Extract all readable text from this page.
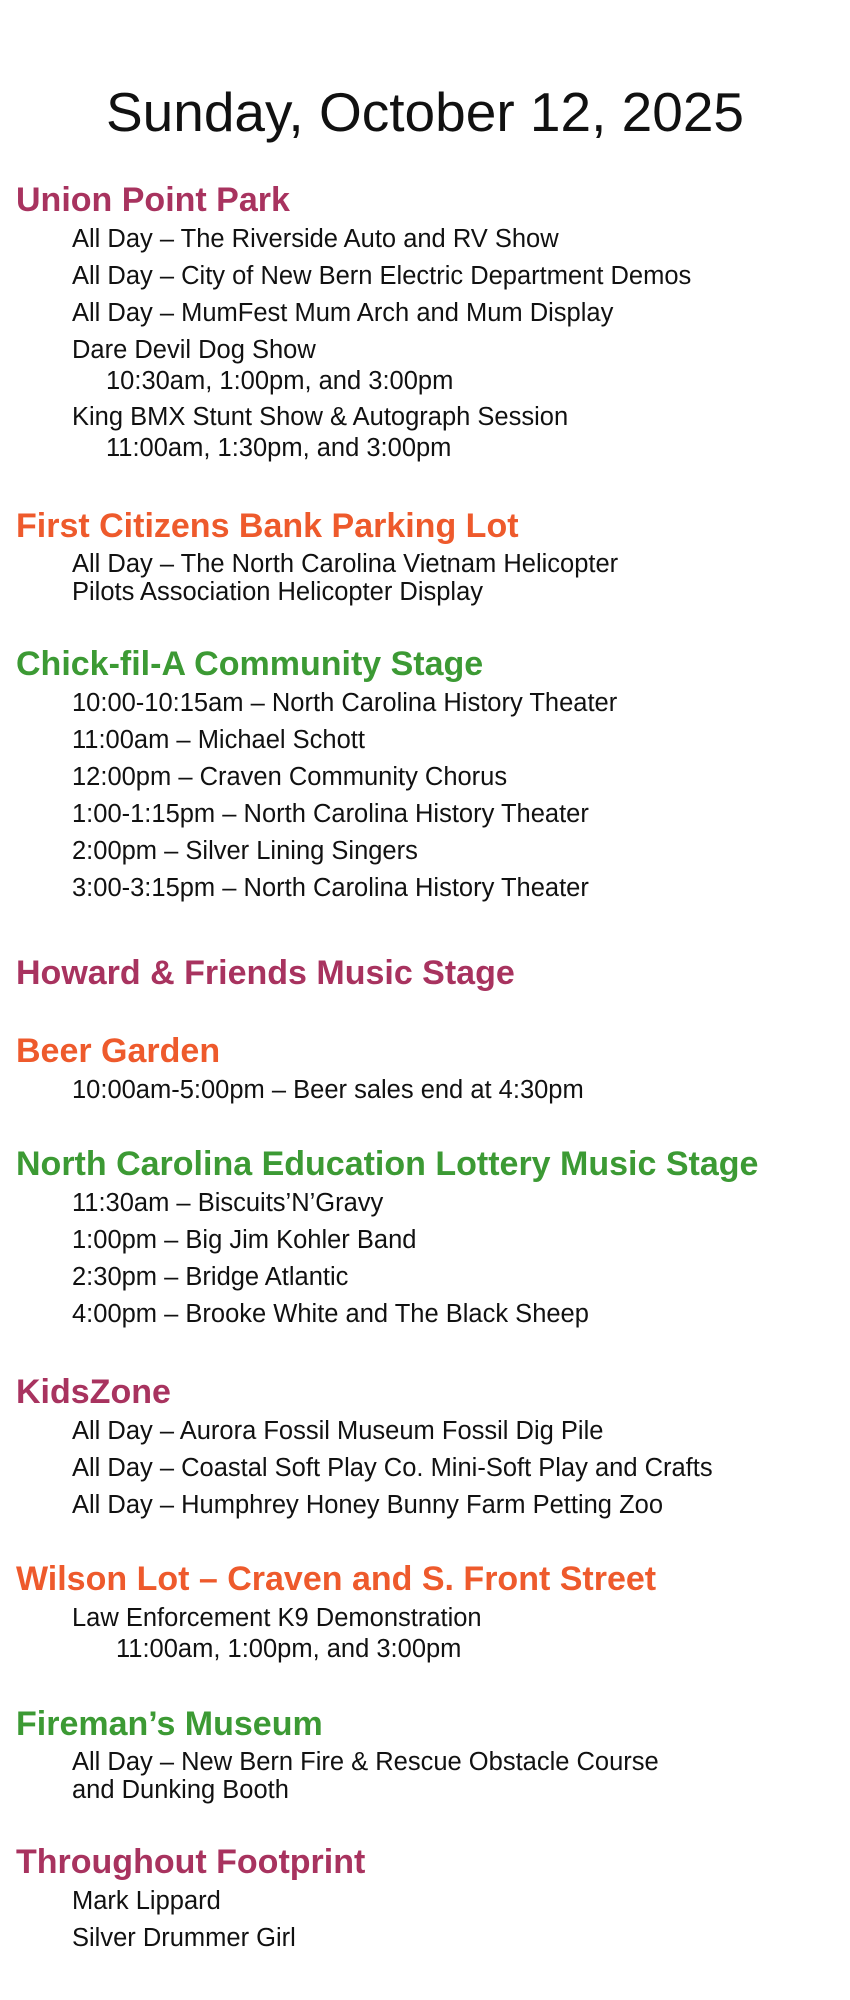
Sunday, October 12, 2025
Union Point Park
All Day – The Riverside Auto and RV Show
All Day – City of New Bern Electric Department Demos
All Day – MumFest Mum Arch and Mum Display
Dare Devil Dog Show
10:30am, 1:00pm, and 3:00pm
King BMX Stunt Show & Autograph Session
11:00am, 1:30pm, and 3:00pm
First Citizens Bank Parking Lot
All Day – The North Carolina Vietnam Helicopter
Pilots Association Helicopter Display
Chick-fil-A Community Stage
10:00-10:15am – North Carolina History Theater
11:00am – Michael Schott
12:00pm – Craven Community Chorus
1:00-1:15pm – North Carolina History Theater
2:00pm – Silver Lining Singers
3:00-3:15pm – North Carolina History Theater
Howard & Friends Music Stage
Beer Garden
10:00am-5:00pm – Beer sales end at 4:30pm
North Carolina Education Lottery Music Stage
11:30am – Biscuits’N’Gravy
1:00pm – Big Jim Kohler Band
2:30pm – Bridge Atlantic
4:00pm – Brooke White and The Black Sheep
KidsZone
All Day – Aurora Fossil Museum Fossil Dig Pile
All Day – Coastal Soft Play Co. Mini-Soft Play and Crafts
All Day – Humphrey Honey Bunny Farm Petting Zoo
Wilson Lot – Craven and S. Front Street
Law Enforcement K9 Demonstration
11:00am, 1:00pm, and 3:00pm
Fireman’s Museum
All Day – New Bern Fire & Rescue Obstacle Course
and Dunking Booth
Throughout Footprint
Mark Lippard
Silver Drummer Girl
